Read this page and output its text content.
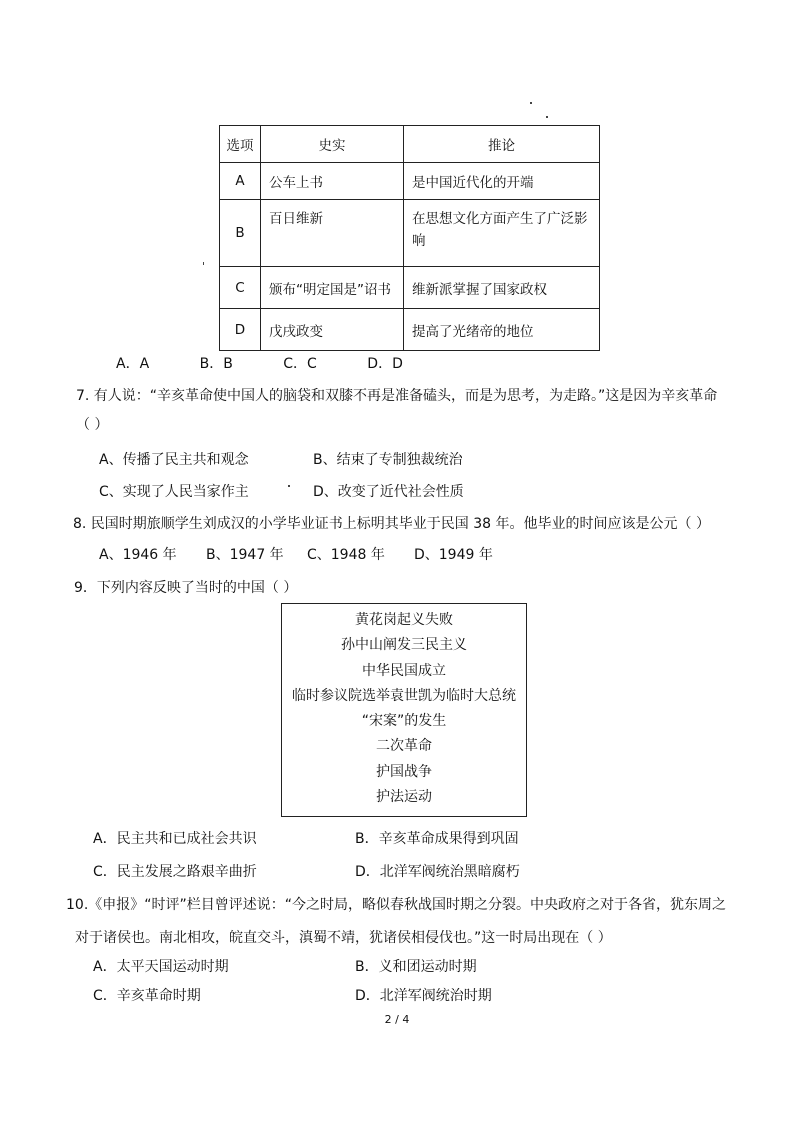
选项	史实	推论
A	公车上书	是中国近代化的开端
B	百日维新	在思想文化方面产生了广泛影响
C	颁布“明定国是”诏书	维新派掌握了国家政权
D	戊戌政变	提高了光绪帝的地位
A．A	B．B	C．C	D．D
7. 有人说：“辛亥革命使中国人的脑袋和双膝不再是准备磕头，而是为思考，为走路。”这是因为辛亥革命
（ ）
A、传播了民主共和观念	B、结束了专制独裁统治
C、实现了人民当家作主	D、改变了近代社会性质
8. 民国时期旅顺学生刘成汉的小学毕业证书上标明其毕业于民国 38 年。他毕业的时间应该是公元（ ）
A、1946 年 B、1947 年 C、1948 年 D、1949 年
9．下列内容反映了当时的中国（ ）
黄花岗起义失败
孙中山阐发三民主义
中华民国成立
临时参议院选举袁世凯为临时大总统
“宋案”的发生
二次革命
护国战争
护法运动
A．民主共和已成社会共识	B．辛亥革命成果得到巩固
C．民主发展之路艰辛曲折	D．北洋军阀统治黑暗腐朽
10.《申报》“时评”栏目曾评述说：“今之时局，略似春秋战国时期之分裂。中央政府之对于各省，犹东周之
对于诸侯也。南北相攻，皖直交斗，滇蜀不靖，犹诸侯相侵伐也。”这一时局出现在（ ）
A．太平天国运动时期	B．义和团运动时期
C．辛亥革命时期	D．北洋军阀统治时期
2 / 4
